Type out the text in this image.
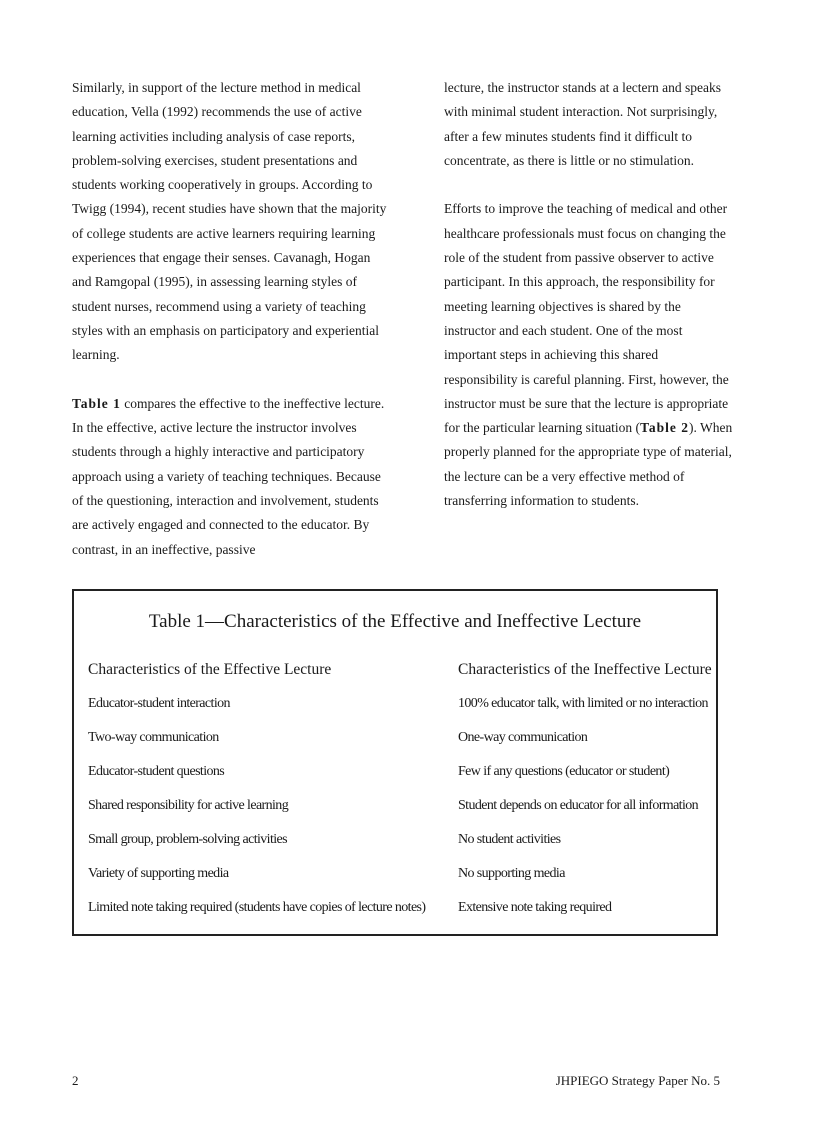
Similarly, in support of the lecture method in medical education, Vella (1992) recommends the use of active learning activities including analysis of case reports, problem-solving exercises, student presentations and students working cooperatively in groups. According to Twigg (1994), recent studies have shown that the majority of college students are active learners requiring learning experiences that engage their senses. Cavanagh, Hogan and Ramgopal (1995), in assessing learning styles of student nurses, recommend using a variety of teaching styles with an emphasis on participatory and experiential learning.

Table 1 compares the effective to the ineffective lecture. In the effective, active lecture the instructor involves students through a highly interactive and participatory approach using a variety of teaching techniques. Because of the questioning, interaction and involvement, students are actively engaged and connected to the educator. By contrast, in an ineffective, passive

lecture, the instructor stands at a lectern and speaks with minimal student interaction. Not surprisingly, after a few minutes students find it difficult to concentrate, as there is little or no stimulation.

Efforts to improve the teaching of medical and other healthcare professionals must focus on changing the role of the student from passive observer to active participant. In this approach, the responsibility for meeting learning objectives is shared by the instructor and each student. One of the most important steps in achieving this shared responsibility is careful planning. First, however, the instructor must be sure that the lecture is appropriate for the particular learning situation (Table 2). When properly planned for the appropriate type of material, the lecture can be a very effective method of transferring information to students.

Table 1—Characteristics of the Effective and Ineffective Lecture
Characteristics of the Effective Lecture	Characteristics of the Ineffective Lecture
Educator-student interaction	100% educator talk, with limited or no interaction
Two-way communication	One-way communication
Educator-student questions	Few if any questions (educator or student)
Shared responsibility for active learning	Student depends on educator for all information
Small group, problem-solving activities	No student activities
Variety of supporting media	No supporting media
Limited note taking required (students have copies of lecture notes)	Extensive note taking required
2	JHPIEGO Strategy Paper No. 5
